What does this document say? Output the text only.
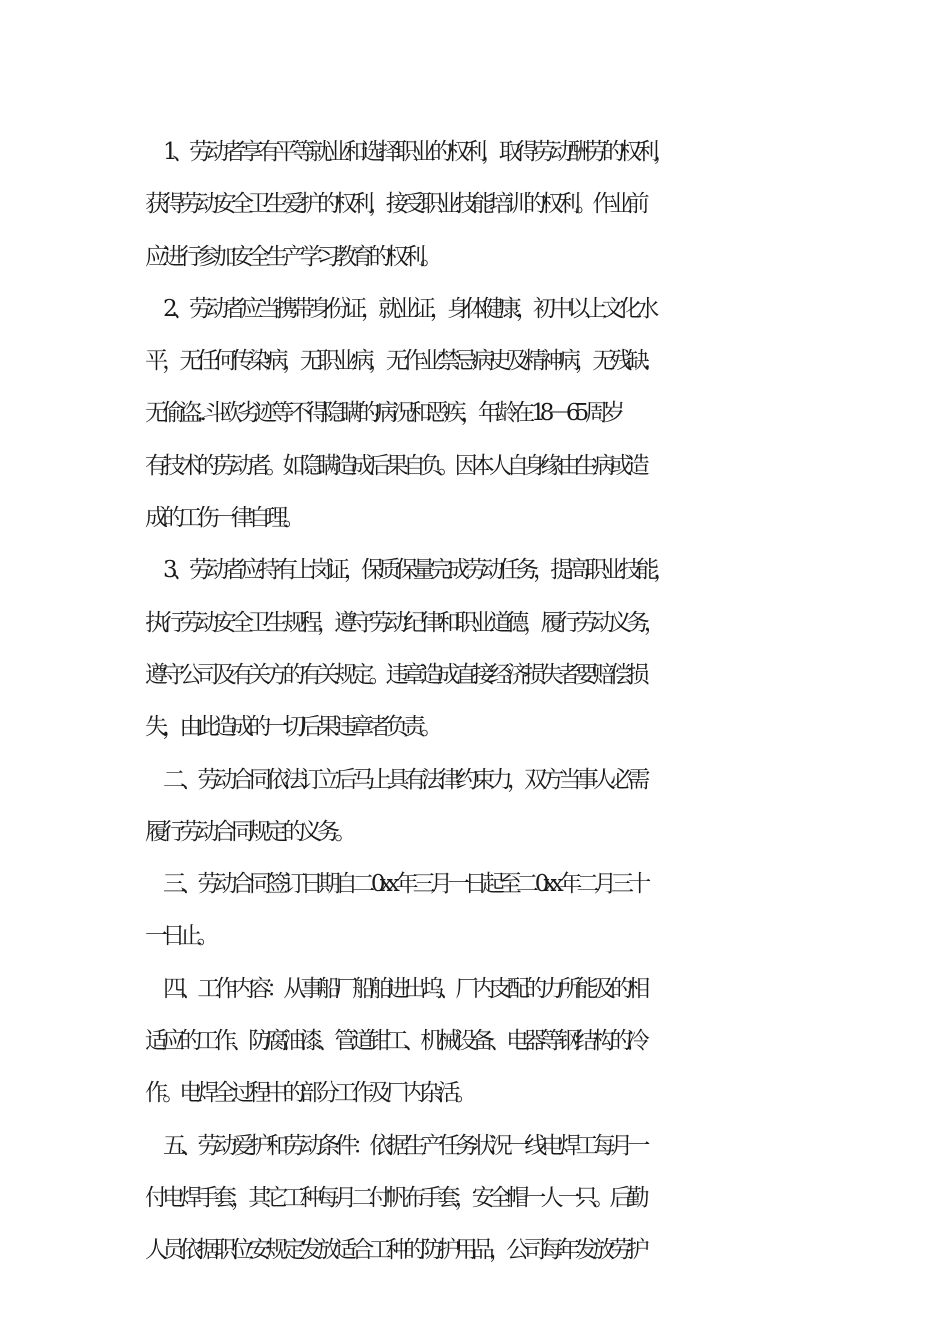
1、劳动者享有平等就业和选择职业的权利，取得劳动酬劳的权利，
获得劳动安全卫生爱护的权利，接受职业技能培训的权利。作业前
应进行参加安全生产学习教育的权利。
2、劳动者应当携带身份证，就业证，身体健康，初中以上文化水
平，无任何传染病，无职业病，无作业禁忌病史及精神病，无残缺.
无偷盗. . 斗欧劣迹等不得隐瞒的病况和恶疾，年龄在 18－65 周岁
有技术的劳动者。如隐瞒造成后果自负。因本人自身缘由生病或造
成的工伤一律自理。
3、劳动者应持有上岗证，保质保量完成劳动任务，提高职业技能，
执行劳动安全卫生规程，遵守劳动纪律和职业道德，履行劳动义务，
遵守公司及有关方的有关规定。违章造成直接经济损失者要赔偿损
失，由此造成的一切后果违章者负责。
二、劳动合同依法订立后马上具有法律约束力，双方当事人必需
履行劳动合同规定的义务。
三、劳动合同签订日期自二 0xx 年三月一日起至二 0xx 年二月三十
一日止。
四、工作内容：从事船厂船舶进出坞、厂内支配的力所能及的相
适应的工作、防腐油漆、管道钳工、机械设备、电器等钢结构的冷
作。电焊全过程中的部分工作及厂内杂活。
五、劳动爱护和劳动条件：依据生产任务状况一线电焊工每月一
付电焊手套，其它工种每月二付帆布手套，安全帽一人一只。后勤
人员依据职位安规定发放适合工种的防护用品，公司每年发放劳护
